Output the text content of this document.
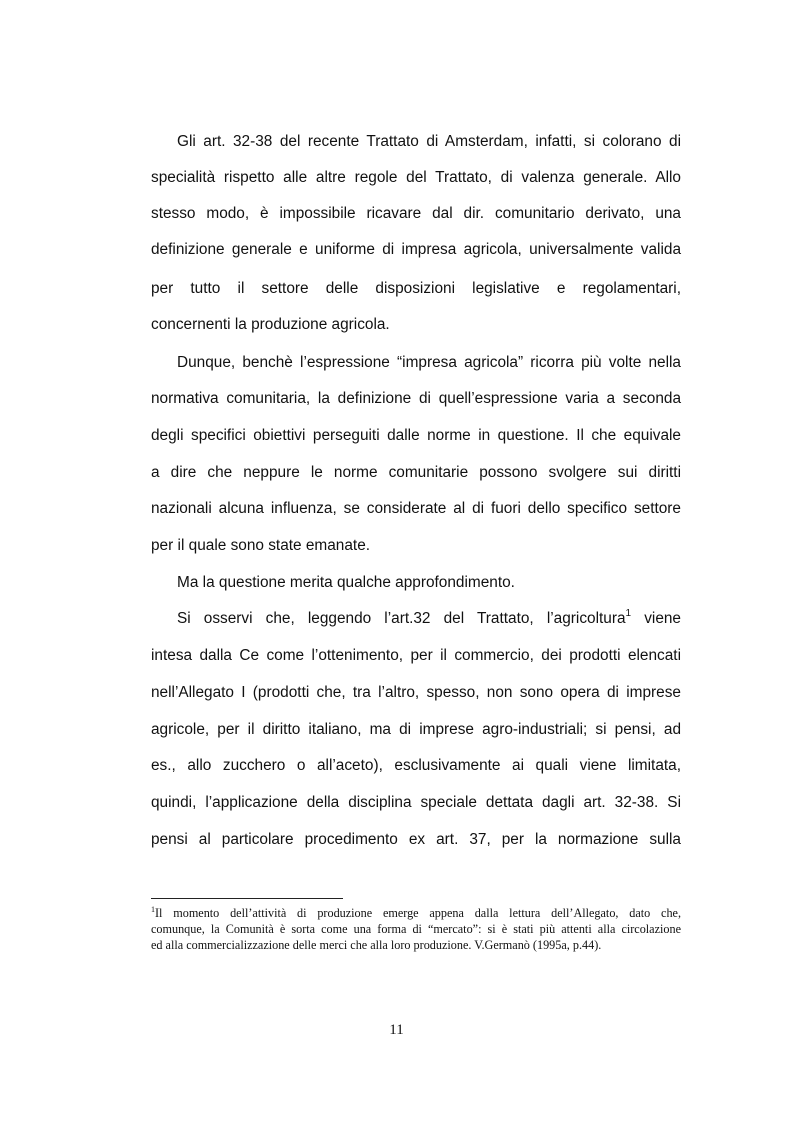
Gli art. 32-38 del recente Trattato di Amsterdam, infatti, si colorano di
specialità rispetto alle altre regole del Trattato, di valenza generale. Allo
stesso modo, è impossibile ricavare dal dir. comunitario derivato, una
definizione generale e uniforme di impresa agricola, universalmente valida
per tutto il settore delle disposizioni legislative e regolamentari,
concernenti la produzione agricola.
Dunque, benchè l’espressione “impresa agricola” ricorra più volte nella
normativa comunitaria, la definizione di quell’espressione varia a seconda
degli specifici obiettivi perseguiti dalle norme in questione. Il che equivale
a dire che neppure le norme comunitarie possono svolgere sui diritti
nazionali alcuna influenza, se considerate al di fuori dello specifico settore
per il quale sono state emanate.
Ma la questione merita qualche approfondimento.
Si osservi che, leggendo l’art.32 del Trattato, l’agricoltura$^1$ viene
intesa dalla Ce come l’ottenimento, per il commercio, dei prodotti elencati
nell’Allegato I (prodotti che, tra l’altro, spesso, non sono opera di imprese
agricole, per il diritto italiano, ma di imprese agro-industriali; si pensi, ad
es., allo zucchero o all’aceto), esclusivamente ai quali viene limitata,
quindi, l’applicazione della disciplina speciale dettata dagli art. 32-38. Si
pensi al particolare procedimento ex art. 37, per la normazione sulla
$^1$Il momento dell’attività di produzione emerge appena dalla lettura dell’Allegato, dato che,
comunque, la Comunità è sorta come una forma di “mercato”: si è stati più attenti alla circolazione
ed alla commercializzazione delle merci che alla loro produzione. V.Germanò (1995a, p.44).
11
